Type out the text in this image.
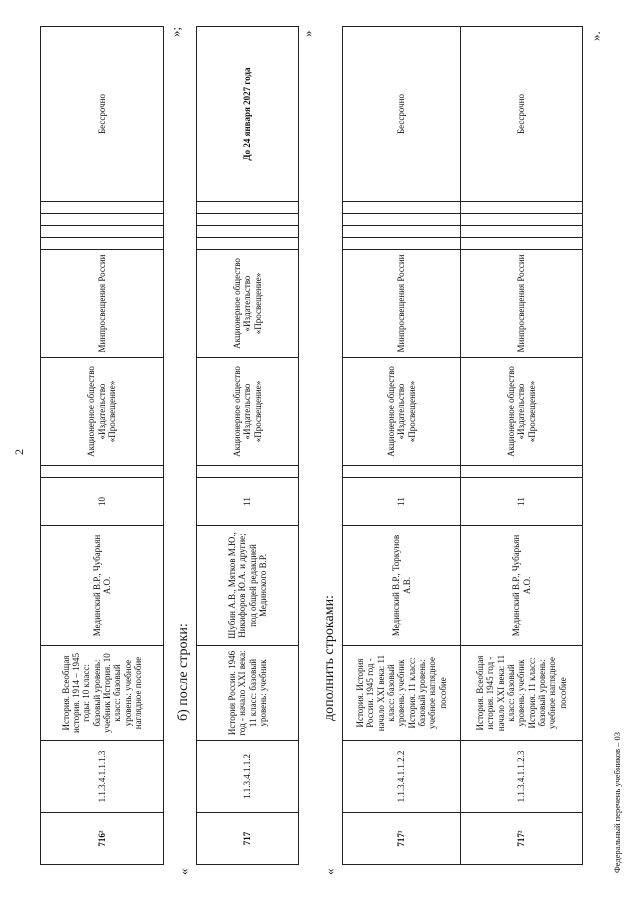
2
716²	1.1.3.4.1.1.1.3	История. Всеобщая история. 1914 – 1945 годы: 10 класс: базовый уровень: учебник История. 10 класс: базовый уровень: учебное наглядное пособие	Мединский В.Р., Чубарьян А.О.	10		Акционерное общество «Издательство «Просвещение»	Минпросвещения России					Бессрочно
»;
«
б) после строки:
717	1.1.3.4.1.1.2	История России. 1946 год - начало XXI века: 11 класс: базовый уровень: учебник	Шубин А.В., Мятков М.Ю., Никифоров Ю.А. и другие; под общей редакцией Мединского В.Р.	11		Акционерное общество «Издательство «Просвещение»	Акционерное общество «Издательство «Просвещение»					До 24 января 2027 года
»
«
дополнить строками:
717¹	1.1.3.4.1.1.2.2	История. История России. 1945 год - начало XXI века: 11 класс: базовый уровень: учебник История. 11 класс: базовый уровень: учебное наглядное пособие	Мединский В.Р., Торкунов А.В.	11		Акционерное общество «Издательство «Просвещение»	Минпросвещения России					Бессрочно
717²	1.1.3.4.1.1.2.3	История. Всеобщая история. 1945 год - начало XXI века: 11 класс: базовый уровень: учебник История. 11 класс: базовый уровень: учебное наглядное пособие	Мединский В.Р., Чубарьян А.О.	11		Акционерное общество «Издательство «Просвещение»	Минпросвещения России					Бессрочно
».
Федеральный перечень учебников – 03
